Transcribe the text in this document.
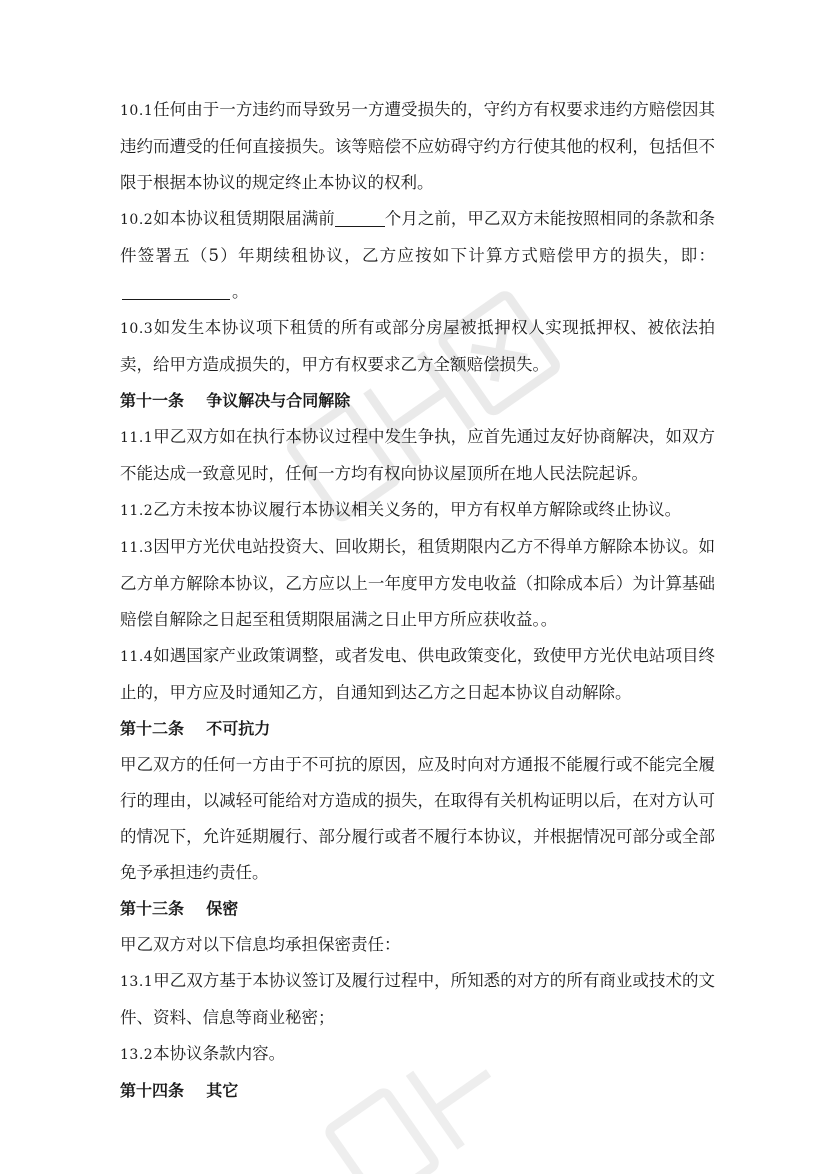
10.1任何由于一方违约而导致另一方遭受损失的，守约方有权要求违约方赔偿因其违约而遭受的任何直接损失。该等赔偿不应妨碍守约方行使其他的权利，包括但不限于根据本协议的规定终止本协议的权利。

10.2如本协议租赁期限届满前	个月之前，甲乙双方未能按照相同的条款和条件签署五（5）年期续租协议，乙方应按如下计算方式赔偿甲方的损失，即：。

10.3如发生本协议项下租赁的所有或部分房屋被抵押权人实现抵押权、被依法拍卖，给甲方造成损失的，甲方有权要求乙方全额赔偿损失。

第十一条 争议解决与合同解除

11.1甲乙双方如在执行本协议过程中发生争执，应首先通过友好协商解决，如双方不能达成一致意见时，任何一方均有权向协议屋顶所在地人民法院起诉。

11.2乙方未按本协议履行本协议相关义务的，甲方有权单方解除或终止协议。

11.3因甲方光伏电站投资大、回收期长，租赁期限内乙方不得单方解除本协议。如乙方单方解除本协议，乙方应以上一年度甲方发电收益（扣除成本后）为计算基础赔偿自解除之日起至租赁期限届满之日止甲方所应获收益。。

11.4如遇国家产业政策调整，或者发电、供电政策变化，致使甲方光伏电站项目终止的，甲方应及时通知乙方，自通知到达乙方之日起本协议自动解除。

第十二条 不可抗力

甲乙双方的任何一方由于不可抗的原因，应及时向对方通报不能履行或不能完全履行的理由，以减轻可能给对方造成的损失，在取得有关机构证明以后，在对方认可的情况下，允许延期履行、部分履行或者不履行本协议，并根据情况可部分或全部免予承担违约责任。

第十三条 保密

甲乙双方对以下信息均承担保密责任：

13.1甲乙双方基于本协议签订及履行过程中，所知悉的对方的所有商业或技术的文件、资料、信息等商业秘密；

13.2本协议条款内容。

第十四条 其它
